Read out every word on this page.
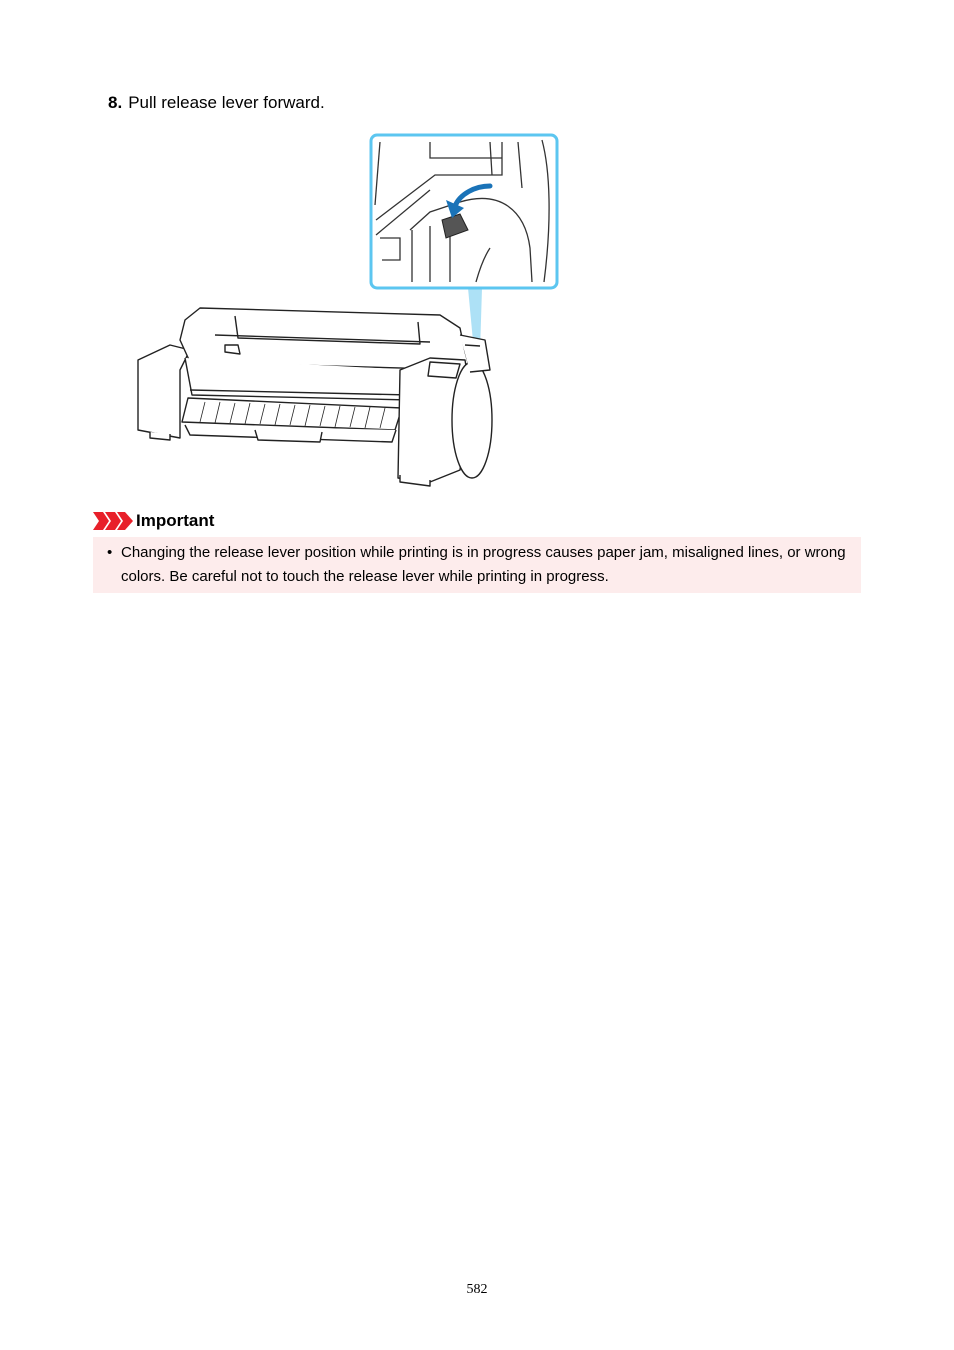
8. Pull release lever forward.
Important
• Changing the release lever position while printing is in progress causes paper jam, misaligned lines, or wrong colors. Be careful not to touch the release lever while printing in progress.
582
